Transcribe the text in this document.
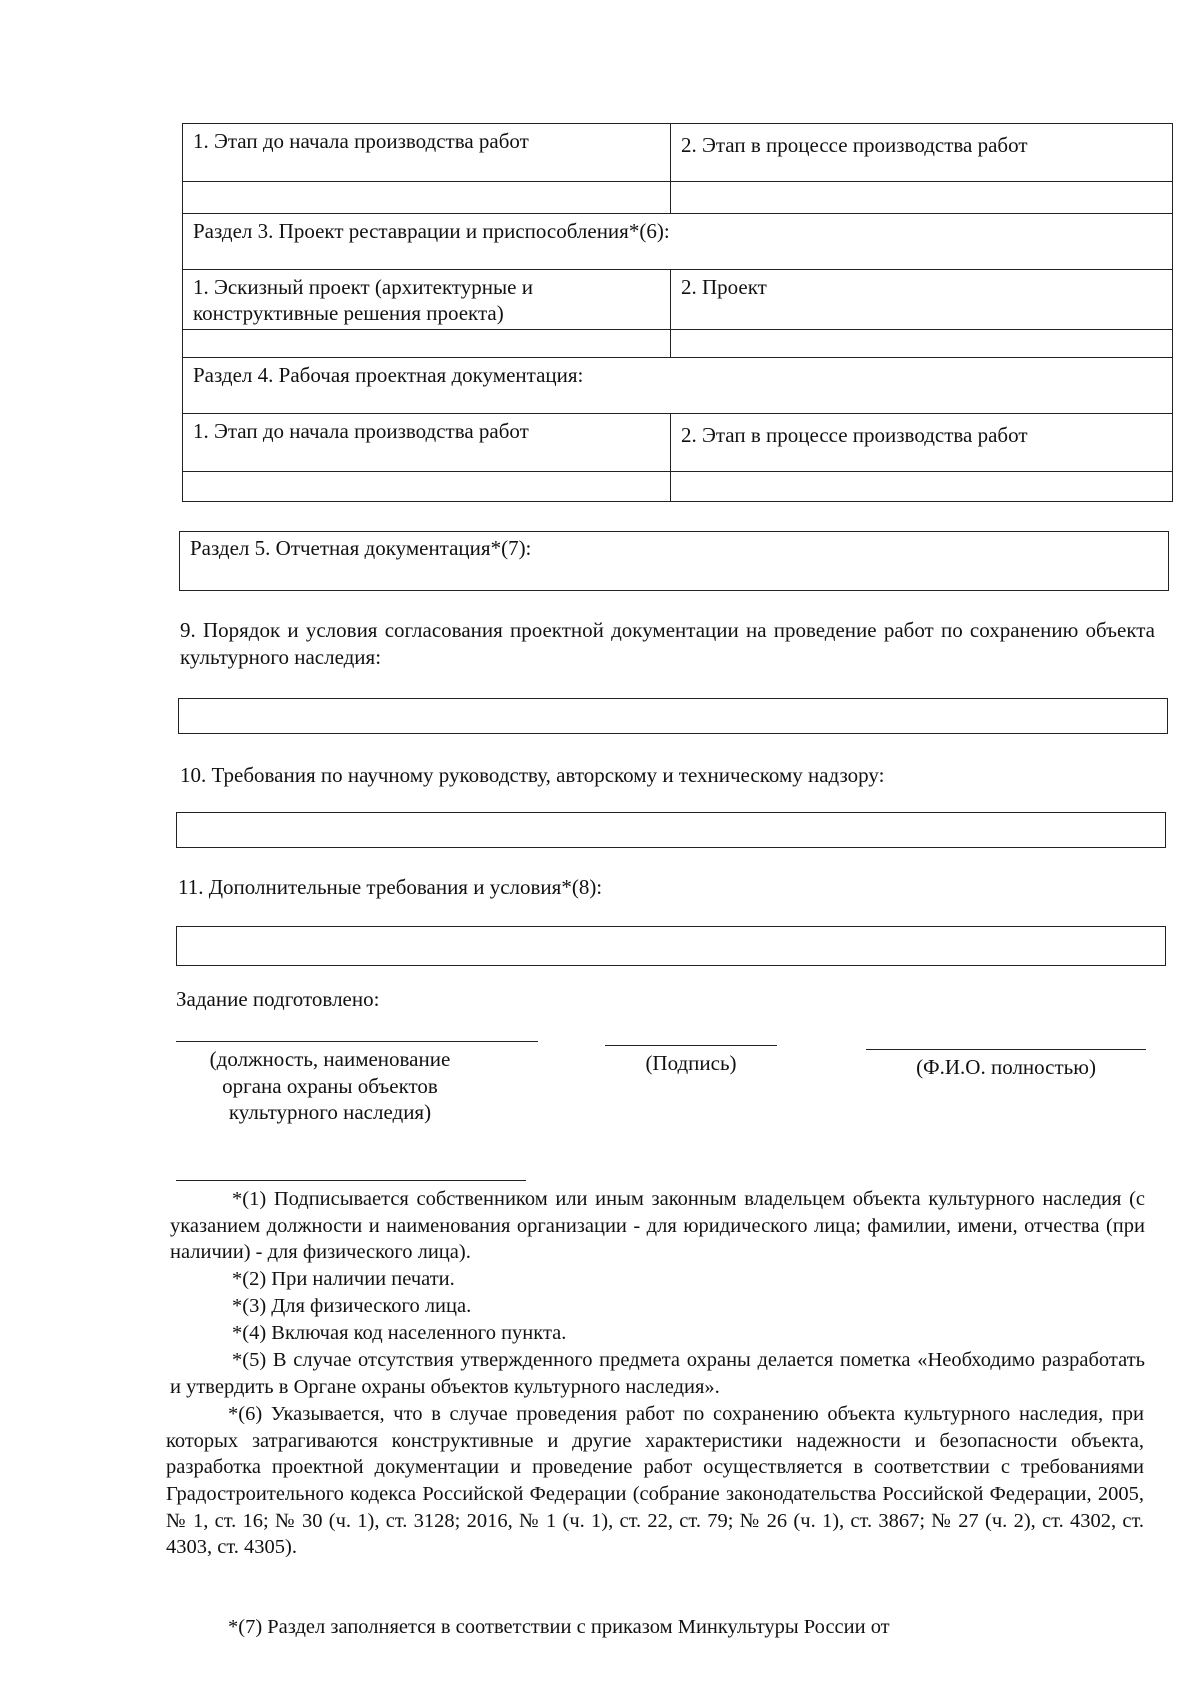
1. Этап до начала производства работ	2. Этап в процессе производства работ

Раздел 3. Проект реставрации и приспособления*(6):	
1. Эскизный проект (архитектурные и конструктивные решения проекта)	2. Проект

Раздел 4. Рабочая проектная документация:	
1. Этап до начала производства работ	2. Этап в процессе производства работ

Раздел 5. Отчетная документация*(7):
9. Порядок и условия согласования проектной документации на проведение работ по сохранению объекта культурного наследия:
10. Требования по научному руководству, авторскому и техническому надзору:
11. Дополнительные требования и условия*(8):
Задание подготовлено:
(должность, наименование органа охраны объектов культурного наследия)
(Подпись)	(Ф.И.О. полностью)
*(1) Подписывается собственником или иным законным владельцем объекта культурного наследия (с указанием должности и наименования организации - для юридического лица; фамилии, имени, отчества (при наличии) - для физического лица).
*(2) При наличии печати.
*(3) Для физического лица.
*(4) Включая код населенного пункта.
*(5) В случае отсутствия утвержденного предмета охраны делается пометка «Необходимо разработать и утвердить в Органе охраны объектов культурного наследия».
*(6) Указывается, что в случае проведения работ по сохранению объекта культурного наследия, при которых затрагиваются конструктивные и другие характеристики надежности и безопасности объекта, разработка проектной документации и проведение работ осуществляется в соответствии с требованиями Градостроительного кодекса Российской Федерации (собрание законодательства Российской Федерации, 2005, № 1, ст. 16; № 30 (ч. 1), ст. 3128; 2016, № 1 (ч. 1), ст. 22, ст. 79; № 26 (ч. 1), ст. 3867; № 27 (ч. 2), ст. 4302, ст. 4303, ст. 4305).
*(7) Раздел заполняется в соответствии с приказом Минкультуры России от
